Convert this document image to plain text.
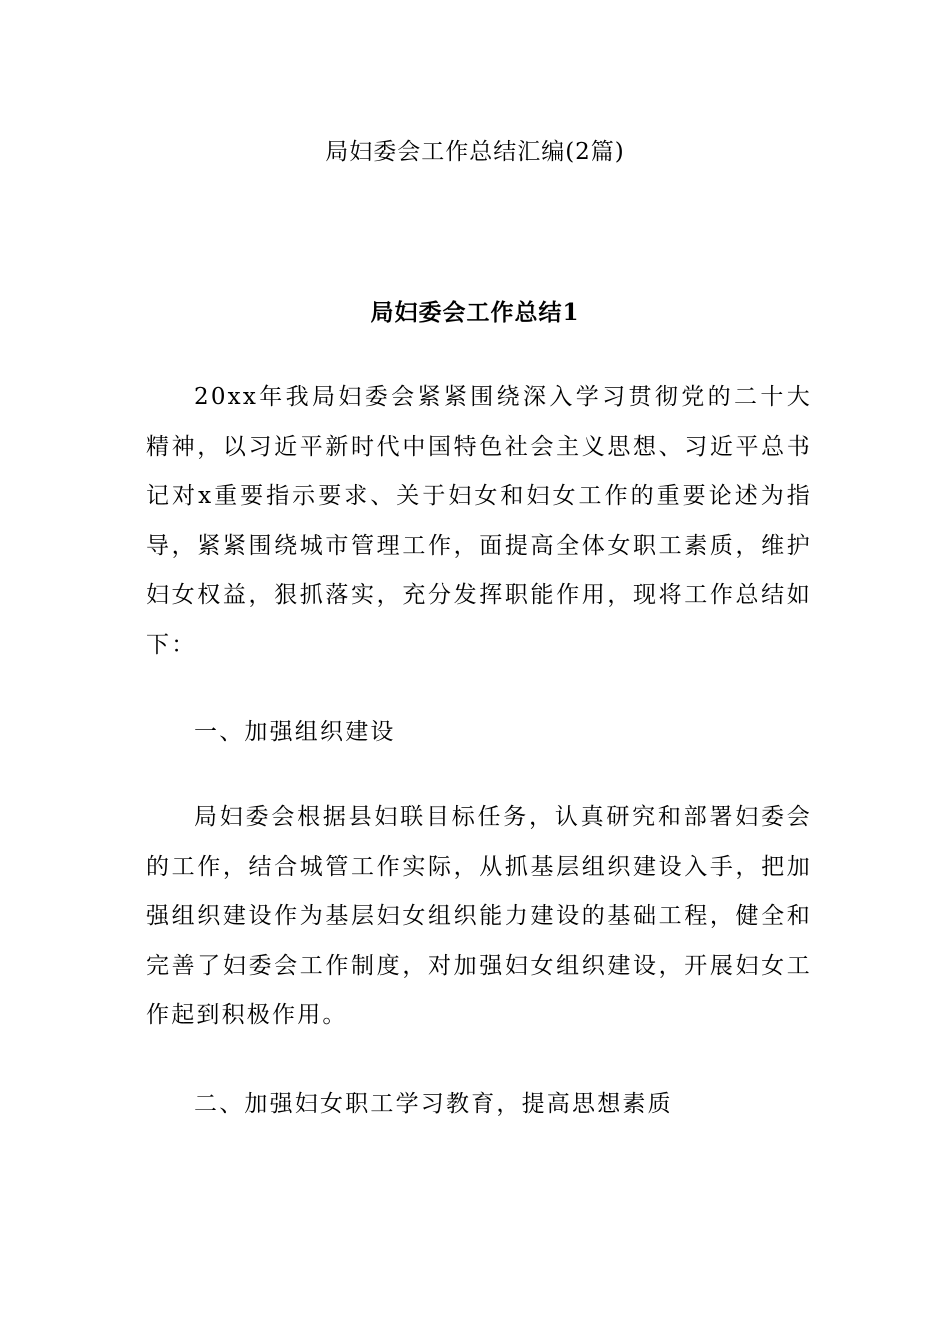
局妇委会工作总结汇编(2篇)
局妇委会工作总结1

20xx年我局妇委会紧紧围绕深入学习贯彻党的二十大精神，以习近平新时代中国特色社会主义思想、习近平总书记对x重要指示要求、关于妇女和妇女工作的重要论述为指导，紧紧围绕城市管理工作，面提高全体女职工素质，维护妇女权益，狠抓落实，充分发挥职能作用，现将工作总结如下：

一、加强组织建设

局妇委会根据县妇联目标任务，认真研究和部署妇委会的工作，结合城管工作实际，从抓基层组织建设入手，把加强组织建设作为基层妇女组织能力建设的基础工程，健全和完善了妇委会工作制度，对加强妇女组织建设，开展妇女工作起到积极作用。

二、加强妇女职工学习教育，提高思想素质
